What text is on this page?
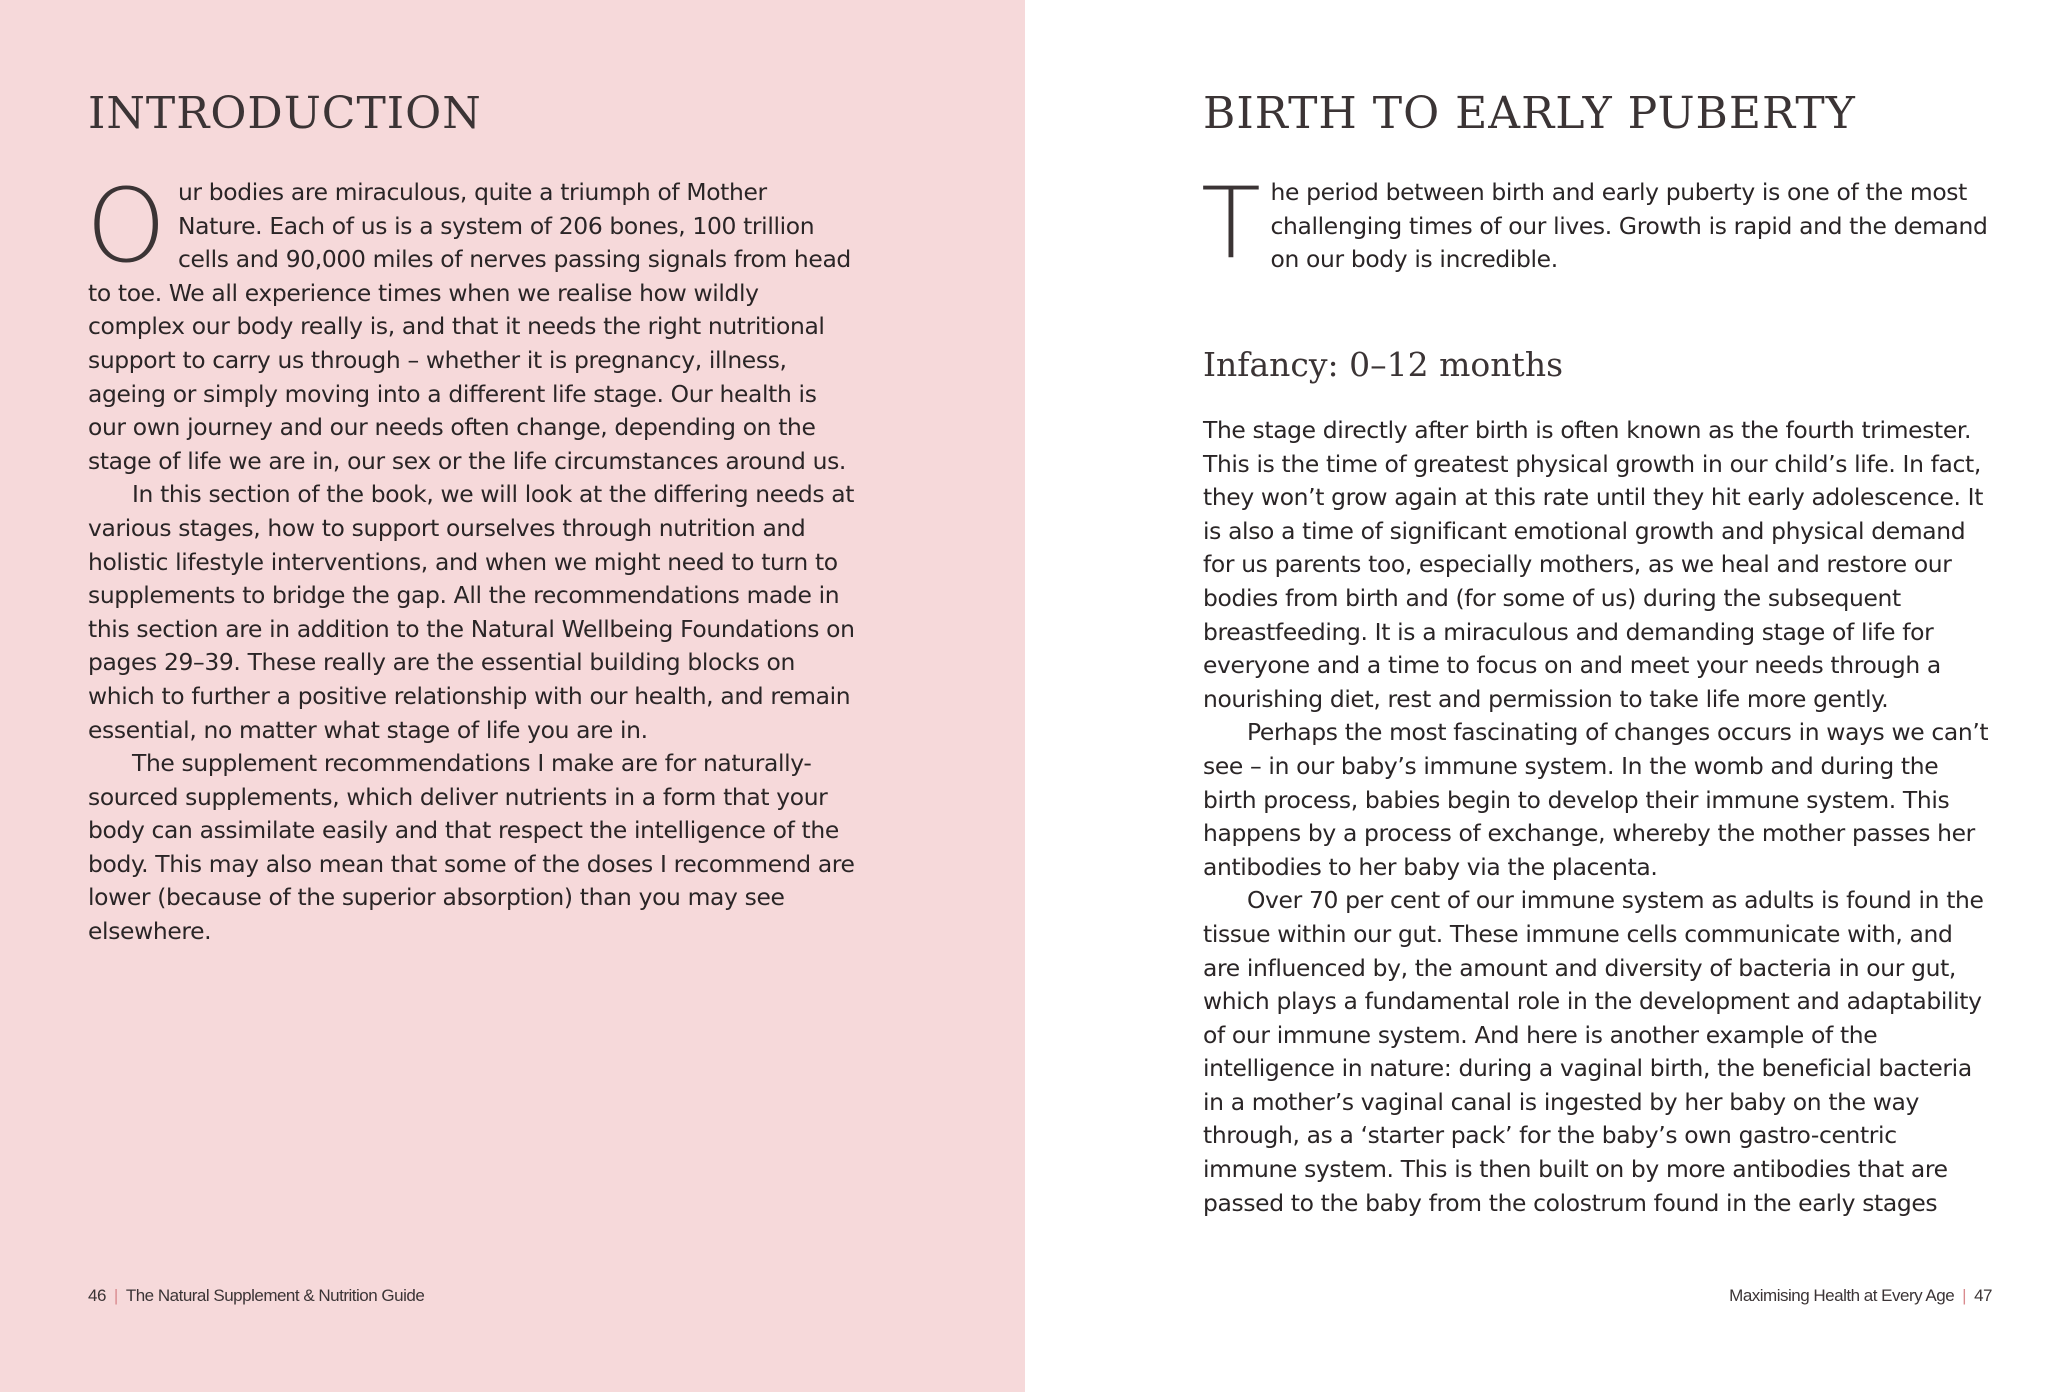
INTRODUCTION

O ur bodies are miraculous, quite a triumph of Mother Nature. Each of us is a system of 206 bones, 100 trillion cells and 90,000 miles of nerves passing signals from head to toe. We all experience times when we realise how wildly complex our body really is, and that it needs the right nutritional support to carry us through – whether it is pregnancy, illness, ageing or simply moving into a different life stage. Our health is our own journey and our needs often change, depending on the stage of life we are in, our sex or the life circumstances around us.

In this section of the book, we will look at the differing needs at various stages, how to support ourselves through nutrition and holistic lifestyle interventions, and when we might need to turn to supplements to bridge the gap. All the recommendations made in this section are in addition to the Natural Wellbeing Foundations on pages 29–39. These really are the essential building blocks on which to further a positive relationship with our health, and remain essential, no matter what stage of life you are in.

The supplement recommendations I make are for naturally-sourced supplements, which deliver nutrients in a form that your body can assimilate easily and that respect the intelligence of the body. This may also mean that some of the doses I recommend are lower (because of the superior absorption) than you may see elsewhere.

46 | The Natural Supplement & Nutrition Guide
BIRTH TO EARLY PUBERTY

T he period between birth and early puberty is one of the most challenging times of our lives. Growth is rapid and the demand on our body is incredible.

Infancy: 0–12 months

The stage directly after birth is often known as the fourth trimester. This is the time of greatest physical growth in our child’s life. In fact, they won’t grow again at this rate until they hit early adolescence. It is also a time of significant emotional growth and physical demand for us parents too, especially mothers, as we heal and restore our bodies from birth and (for some of us) during the subsequent breastfeeding. It is a miraculous and demanding stage of life for everyone and a time to focus on and meet your needs through a nourishing diet, rest and permission to take life more gently.

Perhaps the most fascinating of changes occurs in ways we can’t see – in our baby’s immune system. In the womb and during the birth process, babies begin to develop their immune system. This happens by a process of exchange, whereby the mother passes her antibodies to her baby via the placenta.

Over 70 per cent of our immune system as adults is found in the tissue within our gut. These immune cells communicate with, and are influenced by, the amount and diversity of bacteria in our gut, which plays a fundamental role in the development and adaptability of our immune system. And here is another example of the intelligence in nature: during a vaginal birth, the beneficial bacteria in a mother’s vaginal canal is ingested by her baby on the way through, as a ‘starter pack’ for the baby’s own gastro-centric immune system. This is then built on by more antibodies that are passed to the baby from the colostrum found in the early stages

Maximising Health at Every Age | 47
